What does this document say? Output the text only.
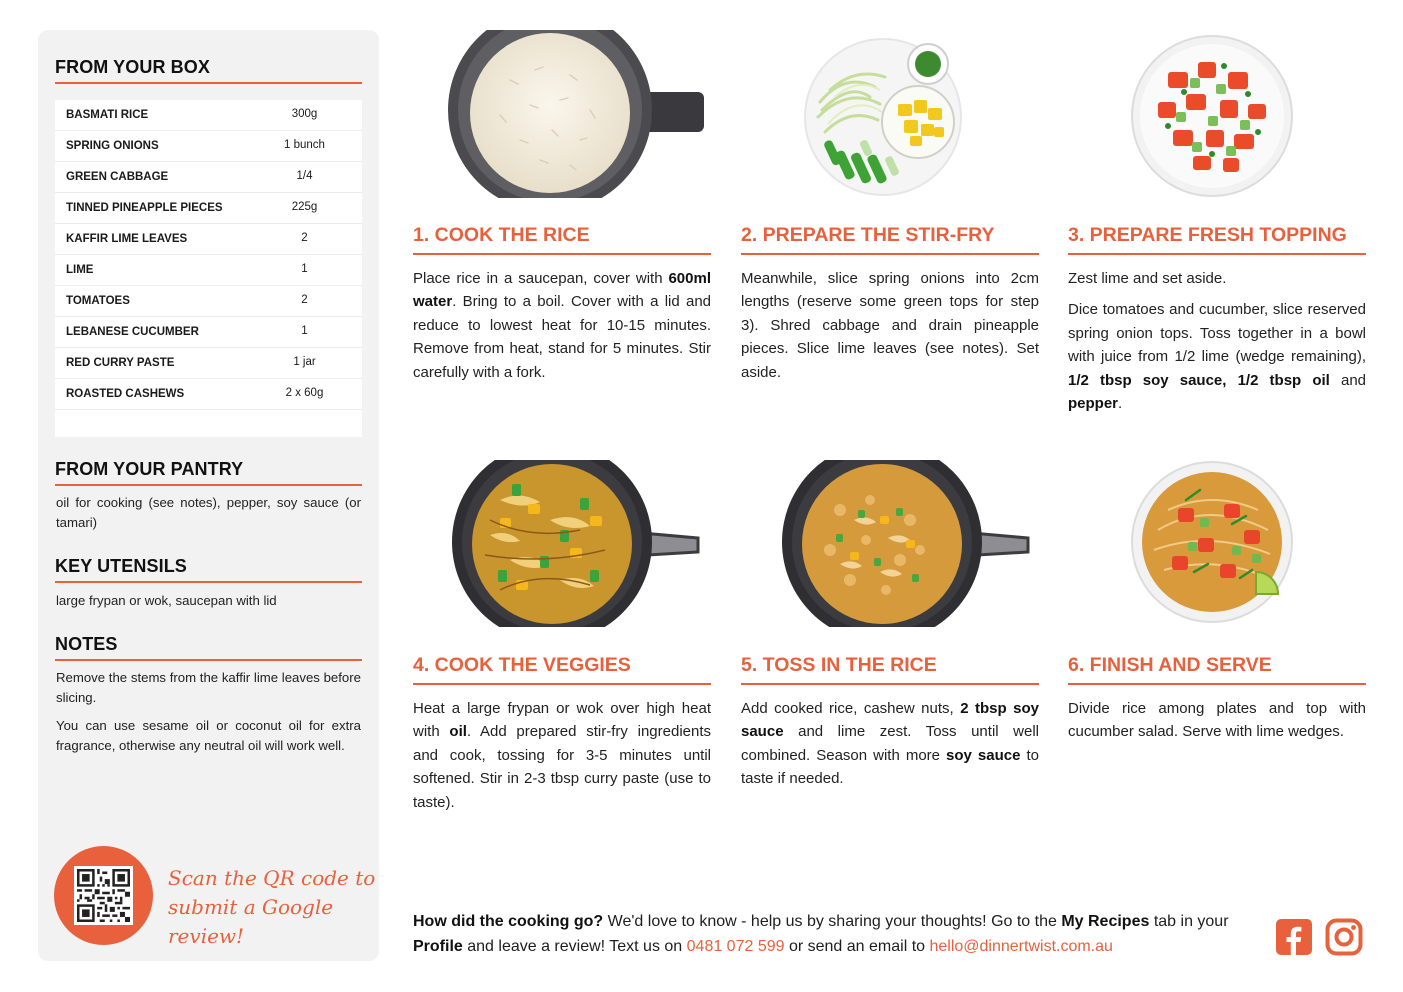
FROM YOUR BOX
BASMATI RICE	300g
SPRING ONIONS	1 bunch
GREEN CABBAGE	1/4
TINNED PINEAPPLE PIECES	225g
KAFFIR LIME LEAVES	2
LIME	1
TOMATOES	2
LEBANESE CUCUMBER	1
RED CURRY PASTE	1 jar
ROASTED CASHEWS	2 x 60g
FROM YOUR PANTRY
oil for cooking (see notes), pepper, soy sauce (or tamari)
KEY UTENSILS
large frypan or wok, saucepan with lid
NOTES
Remove the stems from the kaffir lime leaves before slicing.
You can use sesame oil or coconut oil for extra fragrance, otherwise any neutral oil will work well.
Scan the QR code to
submit a Google review!
1. COOK THE RICE

Place rice in a saucepan, cover with 600ml water. Bring to a boil. Cover with a lid and reduce to lowest heat for 10-15 minutes. Remove from heat, stand for 5 minutes. Stir carefully with a fork.

2. PREPARE THE STIR-FRY

Meanwhile, slice spring onions into 2cm lengths (reserve some green tops for step 3). Shred cabbage and drain pineapple pieces. Slice lime leaves (see notes). Set aside.

3. PREPARE FRESH TOPPING

Zest lime and set aside.

Dice tomatoes and cucumber, slice reserved spring onion tops. Toss together in a bowl with juice from 1/2 lime (wedge remaining), 1/2 tbsp soy sauce, 1/2 tbsp oil and pepper.

4. COOK THE VEGGIES

Heat a large frypan or wok over high heat with oil. Add prepared stir-fry ingredients and cook, tossing for 3-5 minutes until softened. Stir in 2-3 tbsp curry paste (use to taste).

5. TOSS IN THE RICE

Add cooked rice, cashew nuts, 2 tbsp soy sauce and lime zest. Toss until well combined. Season with more soy sauce to taste if needed.

6. FINISH AND SERVE

Divide rice among plates and top with cucumber salad. Serve with lime wedges.

How did the cooking go? We'd love to know - help us by sharing your thoughts! Go to the My Recipes tab in your Profile and leave a review! Text us on 0481 072 599 or send an email to hello@dinnertwist.com.au
